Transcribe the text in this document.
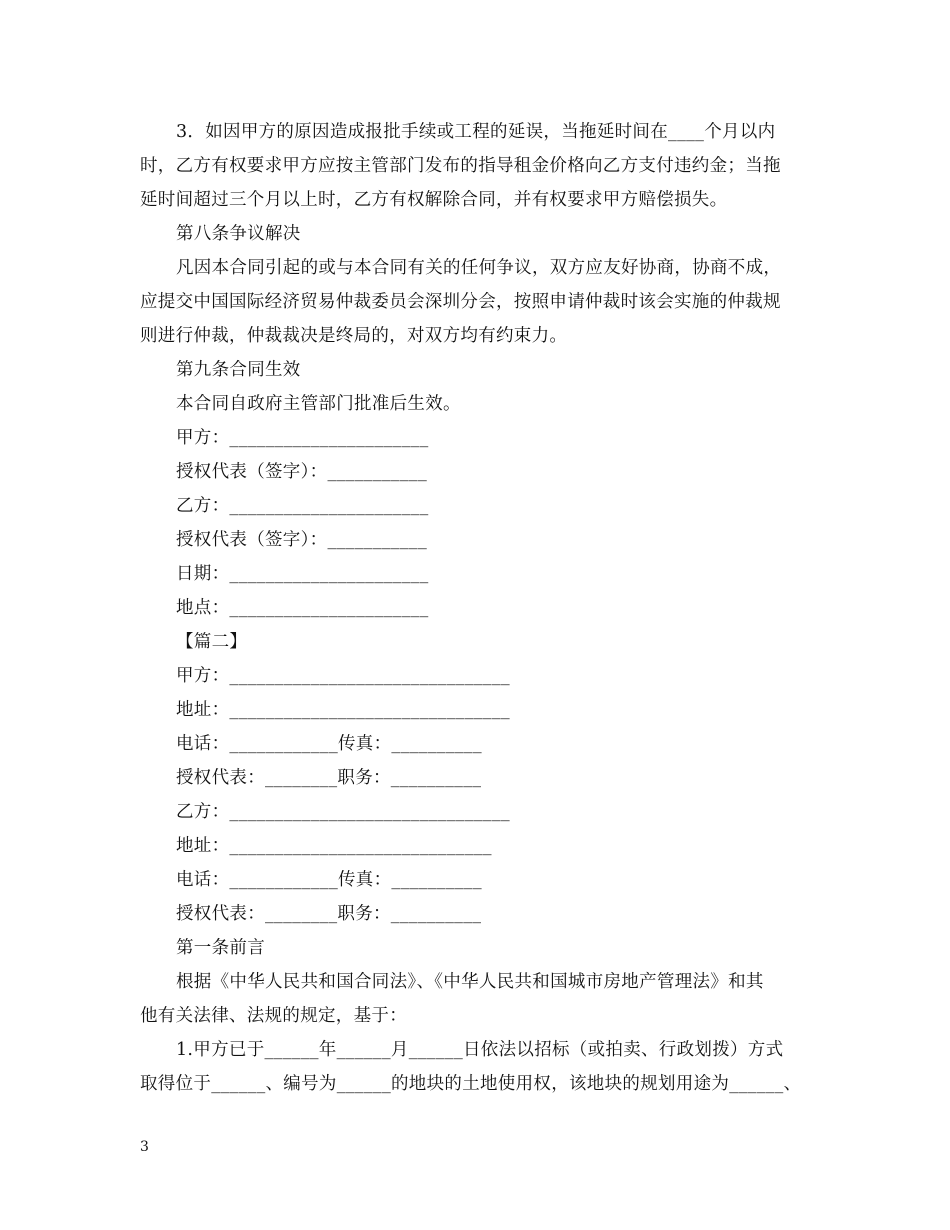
3．如因甲方的原因造成报批手续或工程的延误，当拖延时间在____个月以内
时，乙方有权要求甲方应按主管部门发布的指导租金价格向乙方支付违约金；当拖
延时间超过三个月以上时，乙方有权解除合同，并有权要求甲方赔偿损失。
第八条争议解决
凡因本合同引起的或与本合同有关的任何争议，双方应友好协商，协商不成，
应提交中国国际经济贸易仲裁委员会深圳分会，按照申请仲裁时该会实施的仲裁规
则进行仲裁，仲裁裁决是终局的，对双方均有约束力。
第九条合同生效
本合同自政府主管部门批准后生效。
甲方：______________________
授权代表（签字）：___________
乙方：______________________
授权代表（签字）：___________
日期：______________________
地点：______________________
【篇二】
甲方：_______________________________
地址：_______________________________
电话：____________传真：__________
授权代表：________职务：__________
乙方：_______________________________
地址：_____________________________
电话：____________传真：__________
授权代表：________职务：__________
第一条前言
根据《中华人民共和国合同法》、《中华人民共和国城市房地产管理法》和其
他有关法律、法规的规定，基于：
1.甲方已于______年______月______日依法以招标（或拍卖、行政划拨）方式
取得位于______、编号为______的地块的土地使用权，该地块的规划用途为______、
3
